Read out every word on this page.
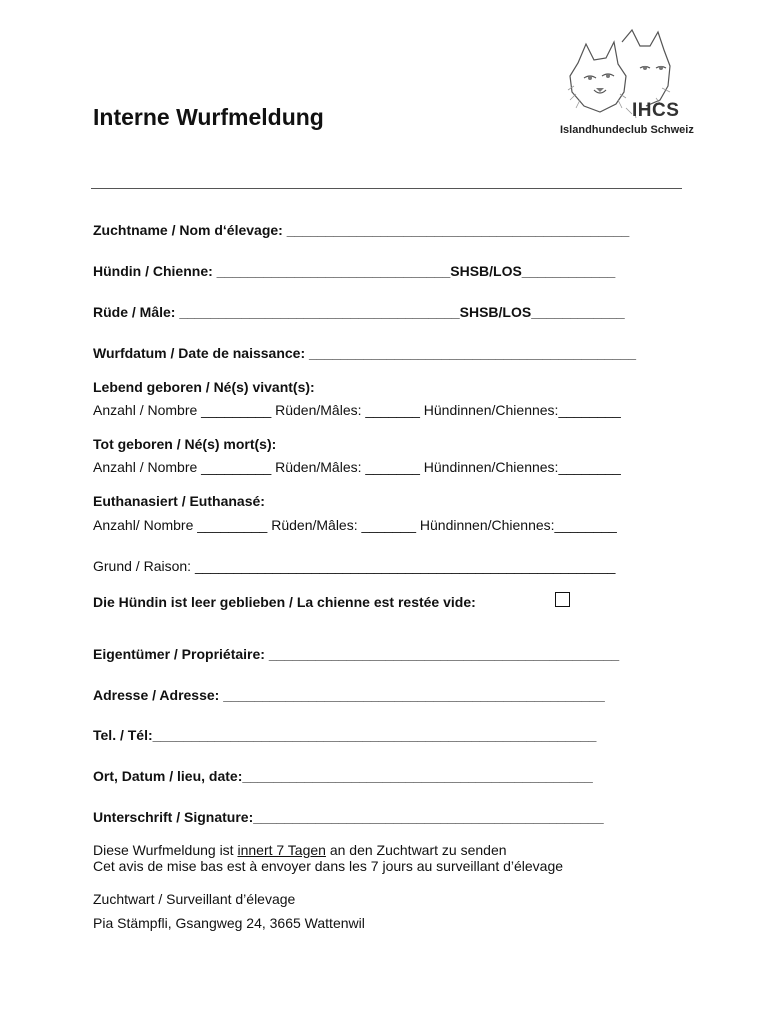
IHCS
Islandhundeclub Schweiz
Interne Wurfmeldung
Zuchtname / Nom d‘élevage: ____________________________________________
Hündin / Chienne: ______________________________SHSB/LOS____________
Rüde / Mâle: ____________________________________SHSB/LOS____________
Wurfdatum / Date de naissance: __________________________________________
Lebend geboren / Né(s) vivant(s):
Anzahl / Nombre _________ Rüden/Mâles: _______ Hündinnen/Chiennes:________
Tot geboren / Né(s) mort(s):
Anzahl / Nombre _________ Rüden/Mâles: _______ Hündinnen/Chiennes:________
Euthanasiert / Euthanasé:
Anzahl/ Nombre _________ Rüden/Mâles: _______ Hündinnen/Chiennes:________
Grund / Raison: ______________________________________________________
Die Hündin ist leer geblieben / La chienne est restée vide:
Eigentümer / Propriétaire: _____________________________________________
Adresse / Adresse: _________________________________________________
Tel. / Tél:_________________________________________________________
Ort, Datum / lieu, date:_____________________________________________
Unterschrift / Signature:_____________________________________________
Diese Wurfmeldung ist innert 7 Tagen an den Zuchtwart zu senden
Cet avis de mise bas est à envoyer dans les 7 jours au surveillant d’élevage
Zuchtwart / Surveillant d’élevage
Pia Stämpfli, Gsangweg 24, 3665 Wattenwil
